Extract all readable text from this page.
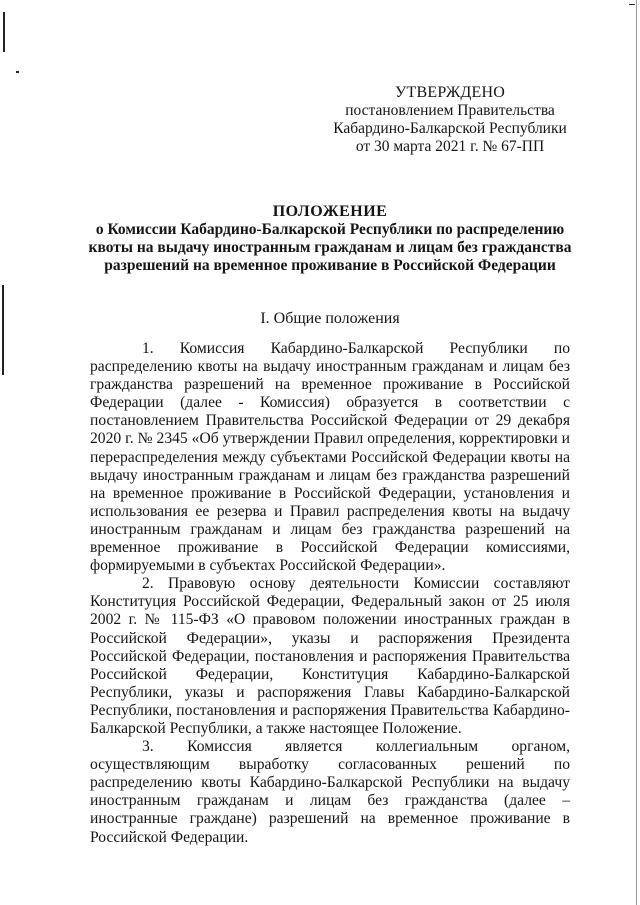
УТВЕРЖДЕНО
постановлением Правительства
Кабардино-Балкарской Республики
от 30 марта 2021 г. № 67-ПП
ПОЛОЖЕНИЕ
о Комиссии Кабардино-Балкарской Республики по распределению
квоты на выдачу иностранным гражданам и лицам без гражданства
разрешений на временное проживание в Российской Федерации
I. Общие положения

1. Комиссия Кабардино-Балкарской Республики по распределению квоты на выдачу иностранным гражданам и лицам без гражданства разрешений на временное проживание в Российской Федерации (далее - Комиссия) образуется в соответствии с постановлением Правительства Российской Федерации от 29 декабря 2020 г. № 2345 «Об утверждении Правил определения, корректировки и перераспределения между субъектами Российской Федерации квоты на выдачу иностранным гражданам и лицам без гражданства разрешений на временное проживание в Российской Федерации, установления и использования ее резерва и Правил распределения квоты на выдачу иностранным гражданам и лицам без гражданства разрешений на временное проживание в Российской Федерации комиссиями, формируемыми в субъектах Российской Федерации».

2. Правовую основу деятельности Комиссии составляют Конституция Российской Федерации, Федеральный закон от 25 июля 2002 г. № 115-ФЗ «О правовом положении иностранных граждан в Российской Федерации», указы и распоряжения Президента Российской Федерации, постановления и распоряжения Правительства Российской Федерации, Конституция Кабардино-Балкарской Республики, указы и распоряжения Главы Кабардино-Балкарской Республики, постановления и распоряжения Правительства Кабардино-Балкарской Республики, а также настоящее Положение.

3. Комиссия является коллегиальным органом, осуществляющим выработку согласованных решений по распределению квоты Кабардино-Балкарской Республики на выдачу иностранным гражданам и лицам без гражданства (далее – иностранные граждане) разрешений на временное проживание в Российской Федерации.
